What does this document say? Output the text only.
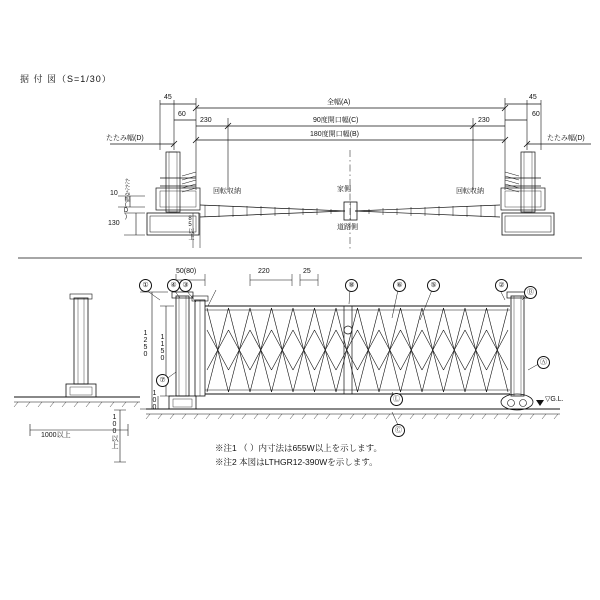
据 付 図（S=1/30）
45	45
60	60
230	230
全幅(A)
90度開口幅(C)
180度開口幅(B)
たたみ幅(D)	たたみ幅(D)
10
130	85以上
たたみ幅(D)	回転収納	回転収納
家側
道路側
50(80)	220	25
1250 1150
100
1000以上	100以上
▽G.L.
①	④ ③	⑧	⑤
⑥	②
⑦
Ⓐ
Ⓑ
Ⓒ
Ⓛ
※注1 （ ）内寸法は655W以上を示します。
※注2 本図はLTHGR12-390Wを示します。
